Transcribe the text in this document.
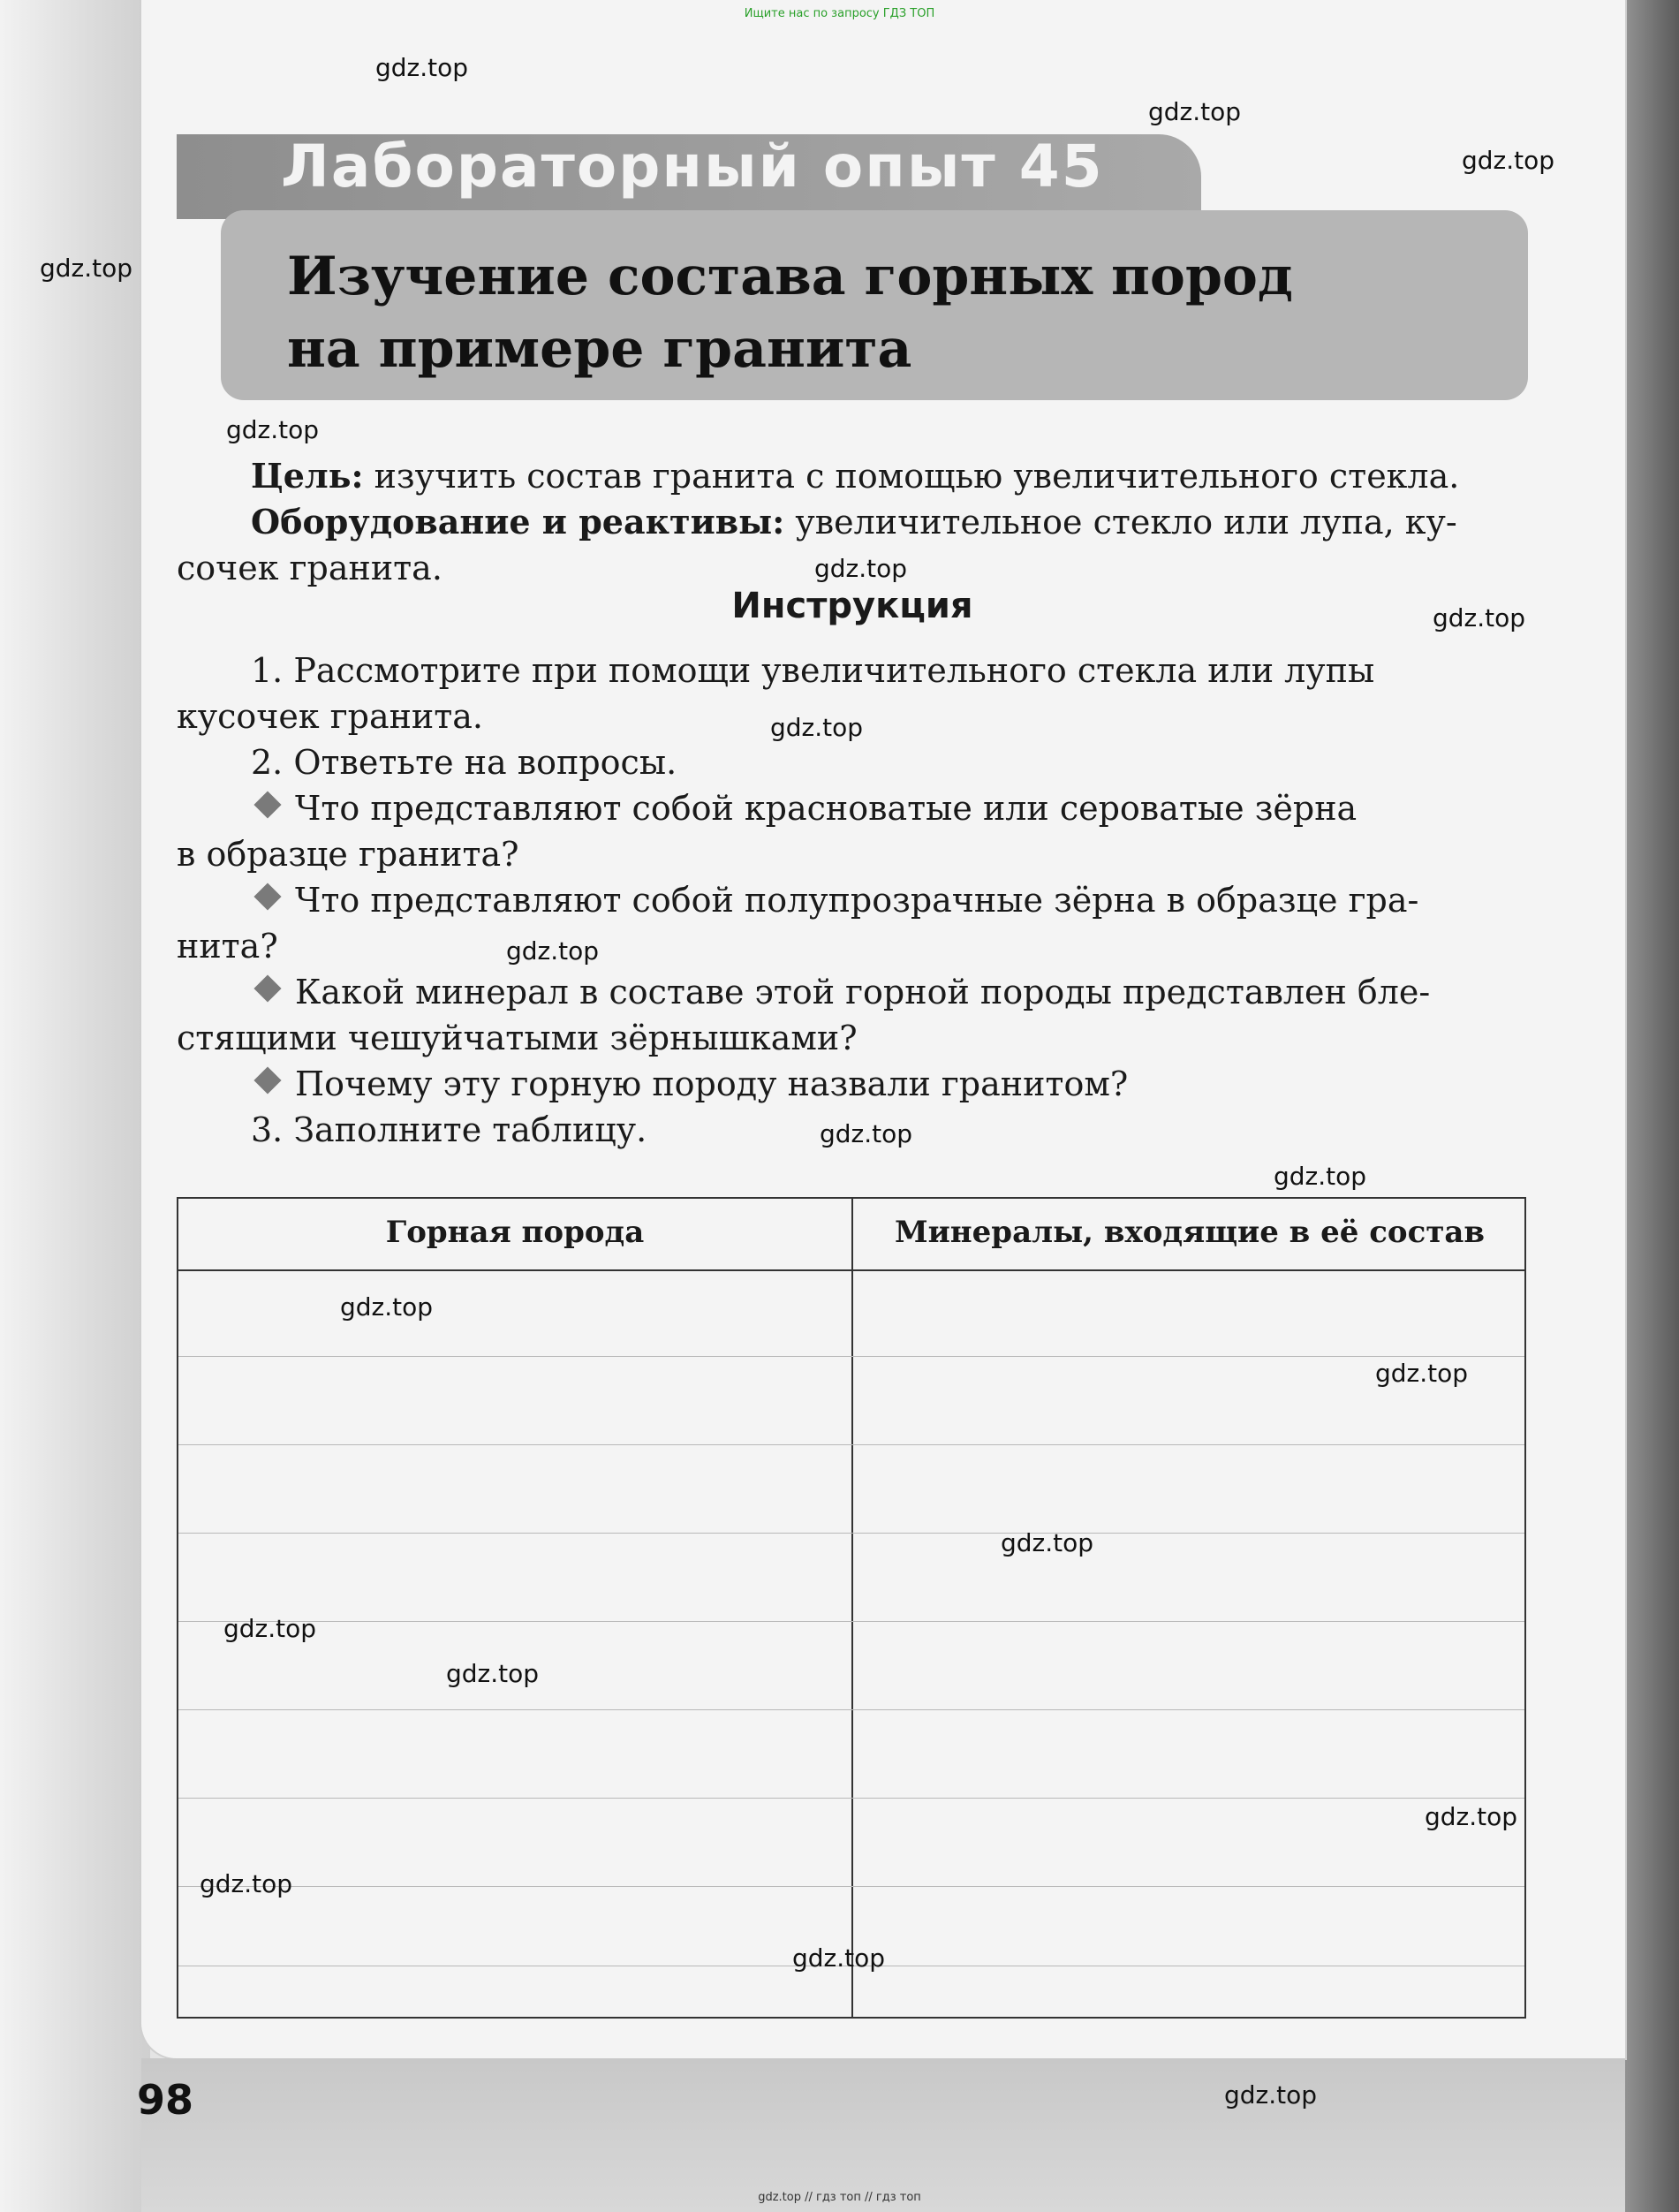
Ищите нас по запросу ГДЗ ТОП
Лабораторный опыт 45
Изучение состава горных пород
на примере гранита
Цель: изучить состав гранита с помощью увеличительного стекла.
Оборудование и реактивы: увеличительное стекло или лупа, ку-
сочек гранита.
Инструкция
1. Рассмотрите при помощи увеличительного стекла или лупы
кусочек гранита.
2. Ответьте на вопросы.
Что представляют собой красноватые или сероватые зёрна
в образце гранита?
Что представляют собой полупрозрачные зёрна в образце гра-
нита?
Какой минерал в составе этой горной породы представлен бле-
стящими чешуйчатыми зёрнышками?
Почему эту горную породу назвали гранитом?
3. Заполните таблицу.
Горная порода	Минералы, входящие в её состав
98
gdz.top
gdz.top
gdz.top
gdz.top
gdz.top
gdz.top
gdz.top
gdz.top
gdz.top
gdz.top
gdz.top
gdz.top
gdz.top
gdz.top
gdz.top
gdz.top
gdz.top
gdz.top
gdz.top
gdz.top
gdz.top // гдз топ // гдз топ
